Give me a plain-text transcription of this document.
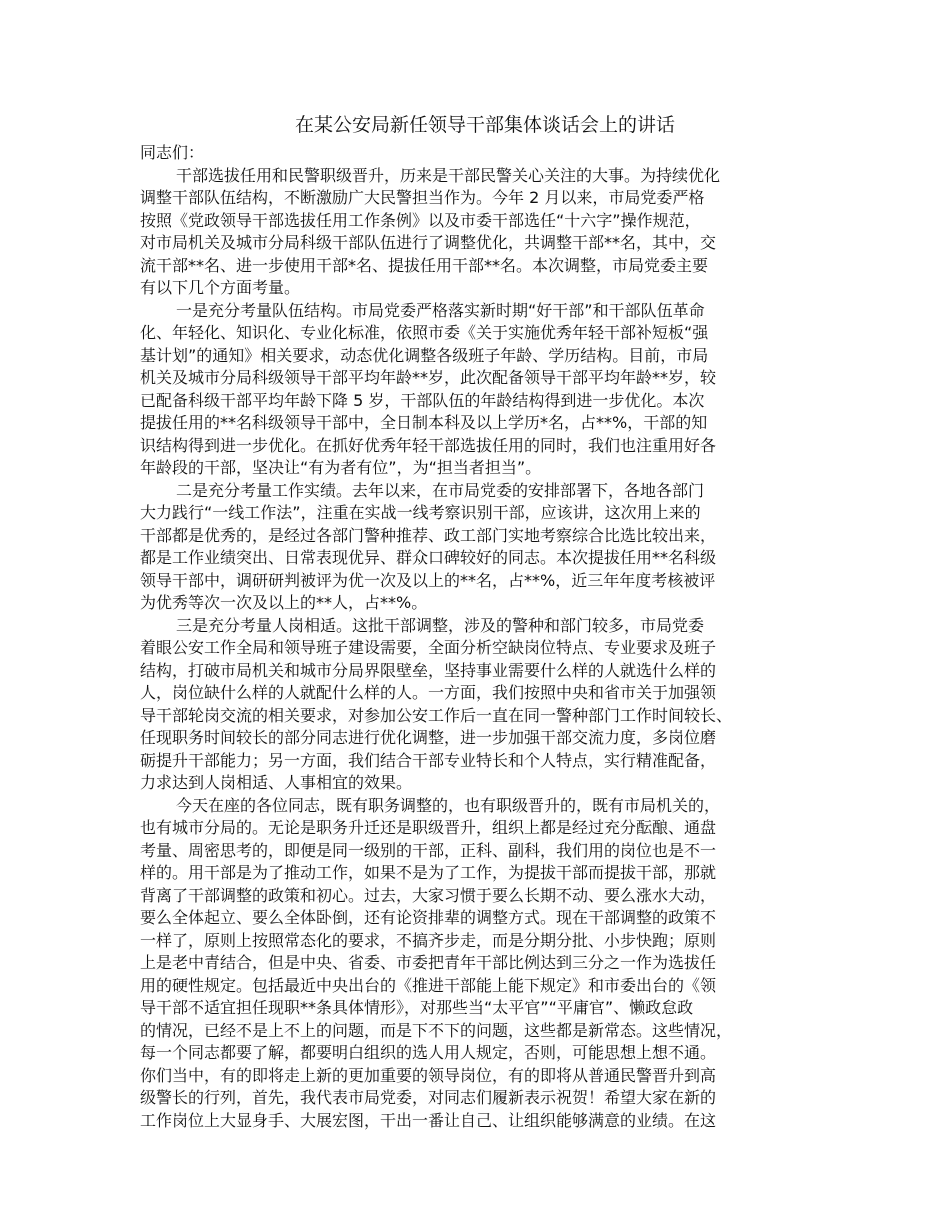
在某公安局新任领导干部集体谈话会上的讲话
同志们：
干部选拔任用和民警职级晋升，历来是干部民警关心关注的大事。为持续优化
调整干部队伍结构，不断激励广大民警担当作为。今年 2 月以来，市局党委严格
按照《党政领导干部选拔任用工作条例》以及市委干部选任“十六字”操作规范，
对市局机关及城市分局科级干部队伍进行了调整优化，共调整干部**名，其中，交
流干部**名、进一步使用干部*名、提拔任用干部**名。本次调整，市局党委主要
有以下几个方面考量。
一是充分考量队伍结构。市局党委严格落实新时期“好干部”和干部队伍革命
化、年轻化、知识化、专业化标准，依照市委《关于实施优秀年轻干部补短板“强
基计划”的通知》相关要求，动态优化调整各级班子年龄、学历结构。目前，市局
机关及城市分局科级领导干部平均年龄**岁，此次配备领导干部平均年龄**岁，较
已配备科级干部平均年龄下降 5 岁，干部队伍的年龄结构得到进一步优化。本次
提拔任用的**名科级领导干部中，全日制本科及以上学历*名，占**%，干部的知
识结构得到进一步优化。在抓好优秀年轻干部选拔任用的同时，我们也注重用好各
年龄段的干部，坚决让“有为者有位”，为“担当者担当”。
二是充分考量工作实绩。去年以来，在市局党委的安排部署下，各地各部门
大力践行“一线工作法”，注重在实战一线考察识别干部，应该讲，这次用上来的
干部都是优秀的，是经过各部门警种推荐、政工部门实地考察综合比选比较出来，
都是工作业绩突出、日常表现优异、群众口碑较好的同志。本次提拔任用**名科级
领导干部中，调研研判被评为优一次及以上的**名，占**%，近三年年度考核被评
为优秀等次一次及以上的**人，占**%。
三是充分考量人岗相适。这批干部调整，涉及的警种和部门较多，市局党委
着眼公安工作全局和领导班子建设需要，全面分析空缺岗位特点、专业要求及班子
结构，打破市局机关和城市分局界限壁垒，坚持事业需要什么样的人就选什么样的
人，岗位缺什么样的人就配什么样的人。一方面，我们按照中央和省市关于加强领
导干部轮岗交流的相关要求，对参加公安工作后一直在同一警种部门工作时间较长、
任现职务时间较长的部分同志进行优化调整，进一步加强干部交流力度，多岗位磨
砺提升干部能力；另一方面，我们结合干部专业特长和个人特点，实行精准配备，
力求达到人岗相适、人事相宜的效果。
今天在座的各位同志，既有职务调整的，也有职级晋升的，既有市局机关的，
也有城市分局的。无论是职务升迁还是职级晋升，组织上都是经过充分酝酿、通盘
考量、周密思考的，即便是同一级别的干部，正科、副科，我们用的岗位也是不一
样的。用干部是为了推动工作，如果不是为了工作，为提拔干部而提拔干部，那就
背离了干部调整的政策和初心。过去，大家习惯于要么长期不动、要么涨水大动，
要么全体起立、要么全体卧倒，还有论资排辈的调整方式。现在干部调整的政策不
一样了，原则上按照常态化的要求，不搞齐步走，而是分期分批、小步快跑；原则
上是老中青结合，但是中央、省委、市委把青年干部比例达到三分之一作为选拔任
用的硬性规定。包括最近中央出台的《推进干部能上能下规定》和市委出台的《领
导干部不适宜担任现职**条具体情形》，对那些当“太平官”“平庸官”、懒政怠政
的情况，已经不是上不上的问题，而是下不下的问题，这些都是新常态。这些情况，
每一个同志都要了解，都要明白组织的选人用人规定，否则，可能思想上想不通。
你们当中，有的即将走上新的更加重要的领导岗位，有的即将从普通民警晋升到高
级警长的行列，首先，我代表市局党委，对同志们履新表示祝贺！希望大家在新的
工作岗位上大显身手、大展宏图，干出一番让自己、让组织能够满意的业绩。在这
